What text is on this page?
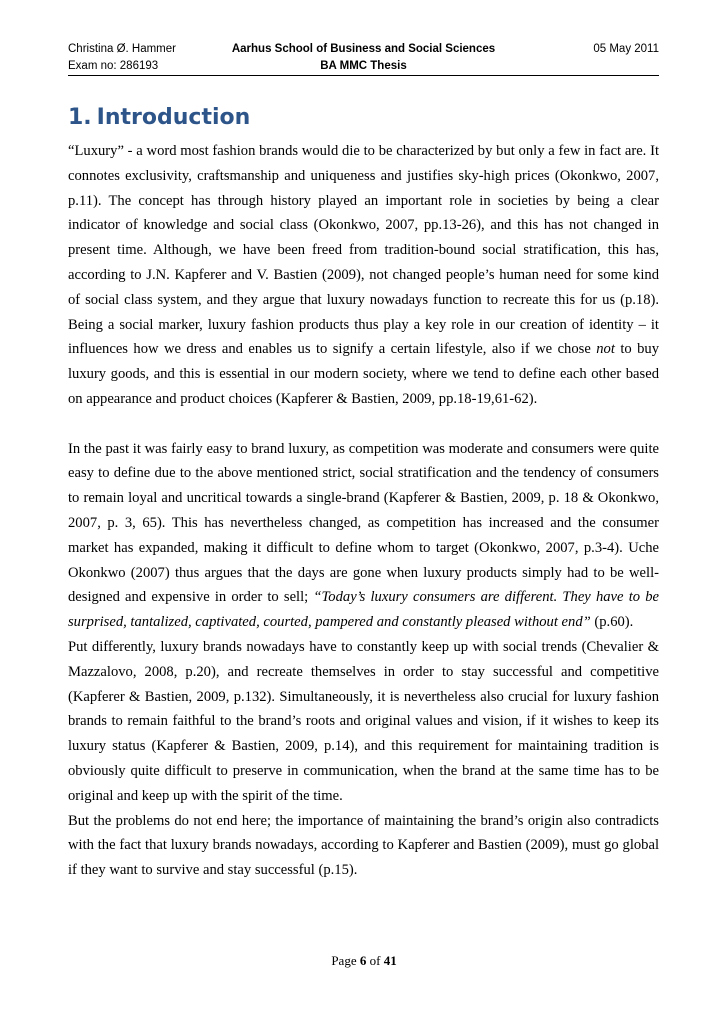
Christina Ø. Hammer
Exam no: 286193
Aarhus School of Business and Social Sciences
BA MMC Thesis
05 May 2011
1. Introduction

“Luxury” - a word most fashion brands would die to be characterized by but only a few in fact are. It connotes exclusivity, craftsmanship and uniqueness and justifies sky-high prices (Okonkwo, 2007, p.11). The concept has through history played an important role in societies by being a clear indicator of knowledge and social class (Okonkwo, 2007, pp.13-26), and this has not changed in present time. Although, we have been freed from tradition-bound social stratification, this has, according to J.N. Kapferer and V. Bastien (2009), not changed people’s human need for some kind of social class system, and they argue that luxury nowadays function to recreate this for us (p.18). Being a social marker, luxury fashion products thus play a key role in our creation of identity – it influences how we dress and enables us to signify a certain lifestyle, also if we chose not to buy luxury goods, and this is essential in our modern society, where we tend to define each other based on appearance and product choices (Kapferer & Bastien, 2009, pp.18-19,61-62).

In the past it was fairly easy to brand luxury, as competition was moderate and consumers were quite easy to define due to the above mentioned strict, social stratification and the tendency of consumers to remain loyal and uncritical towards a single-brand (Kapferer & Bastien, 2009, p. 18 & Okonkwo, 2007, p. 3, 65). This has nevertheless changed, as competition has increased and the consumer market has expanded, making it difficult to define whom to target (Okonkwo, 2007, p.3-4). Uche Okonkwo (2007) thus argues that the days are gone when luxury products simply had to be well-designed and expensive in order to sell; “Today’s luxury consumers are different. They have to be surprised, tantalized, captivated, courted, pampered and constantly pleased without end” (p.60).

Put differently, luxury brands nowadays have to constantly keep up with social trends (Chevalier & Mazzalovo, 2008, p.20), and recreate themselves in order to stay successful and competitive (Kapferer & Bastien, 2009, p.132). Simultaneously, it is nevertheless also crucial for luxury fashion brands to remain faithful to the brand’s roots and original values and vision, if it wishes to keep its luxury status (Kapferer & Bastien, 2009, p.14), and this requirement for maintaining tradition is obviously quite difficult to preserve in communication, when the brand at the same time has to be original and keep up with the spirit of the time.

But the problems do not end here; the importance of maintaining the brand’s origin also contradicts with the fact that luxury brands nowadays, according to Kapferer and Bastien (2009), must go global if they want to survive and stay successful (p.15).

Page 6 of 41
